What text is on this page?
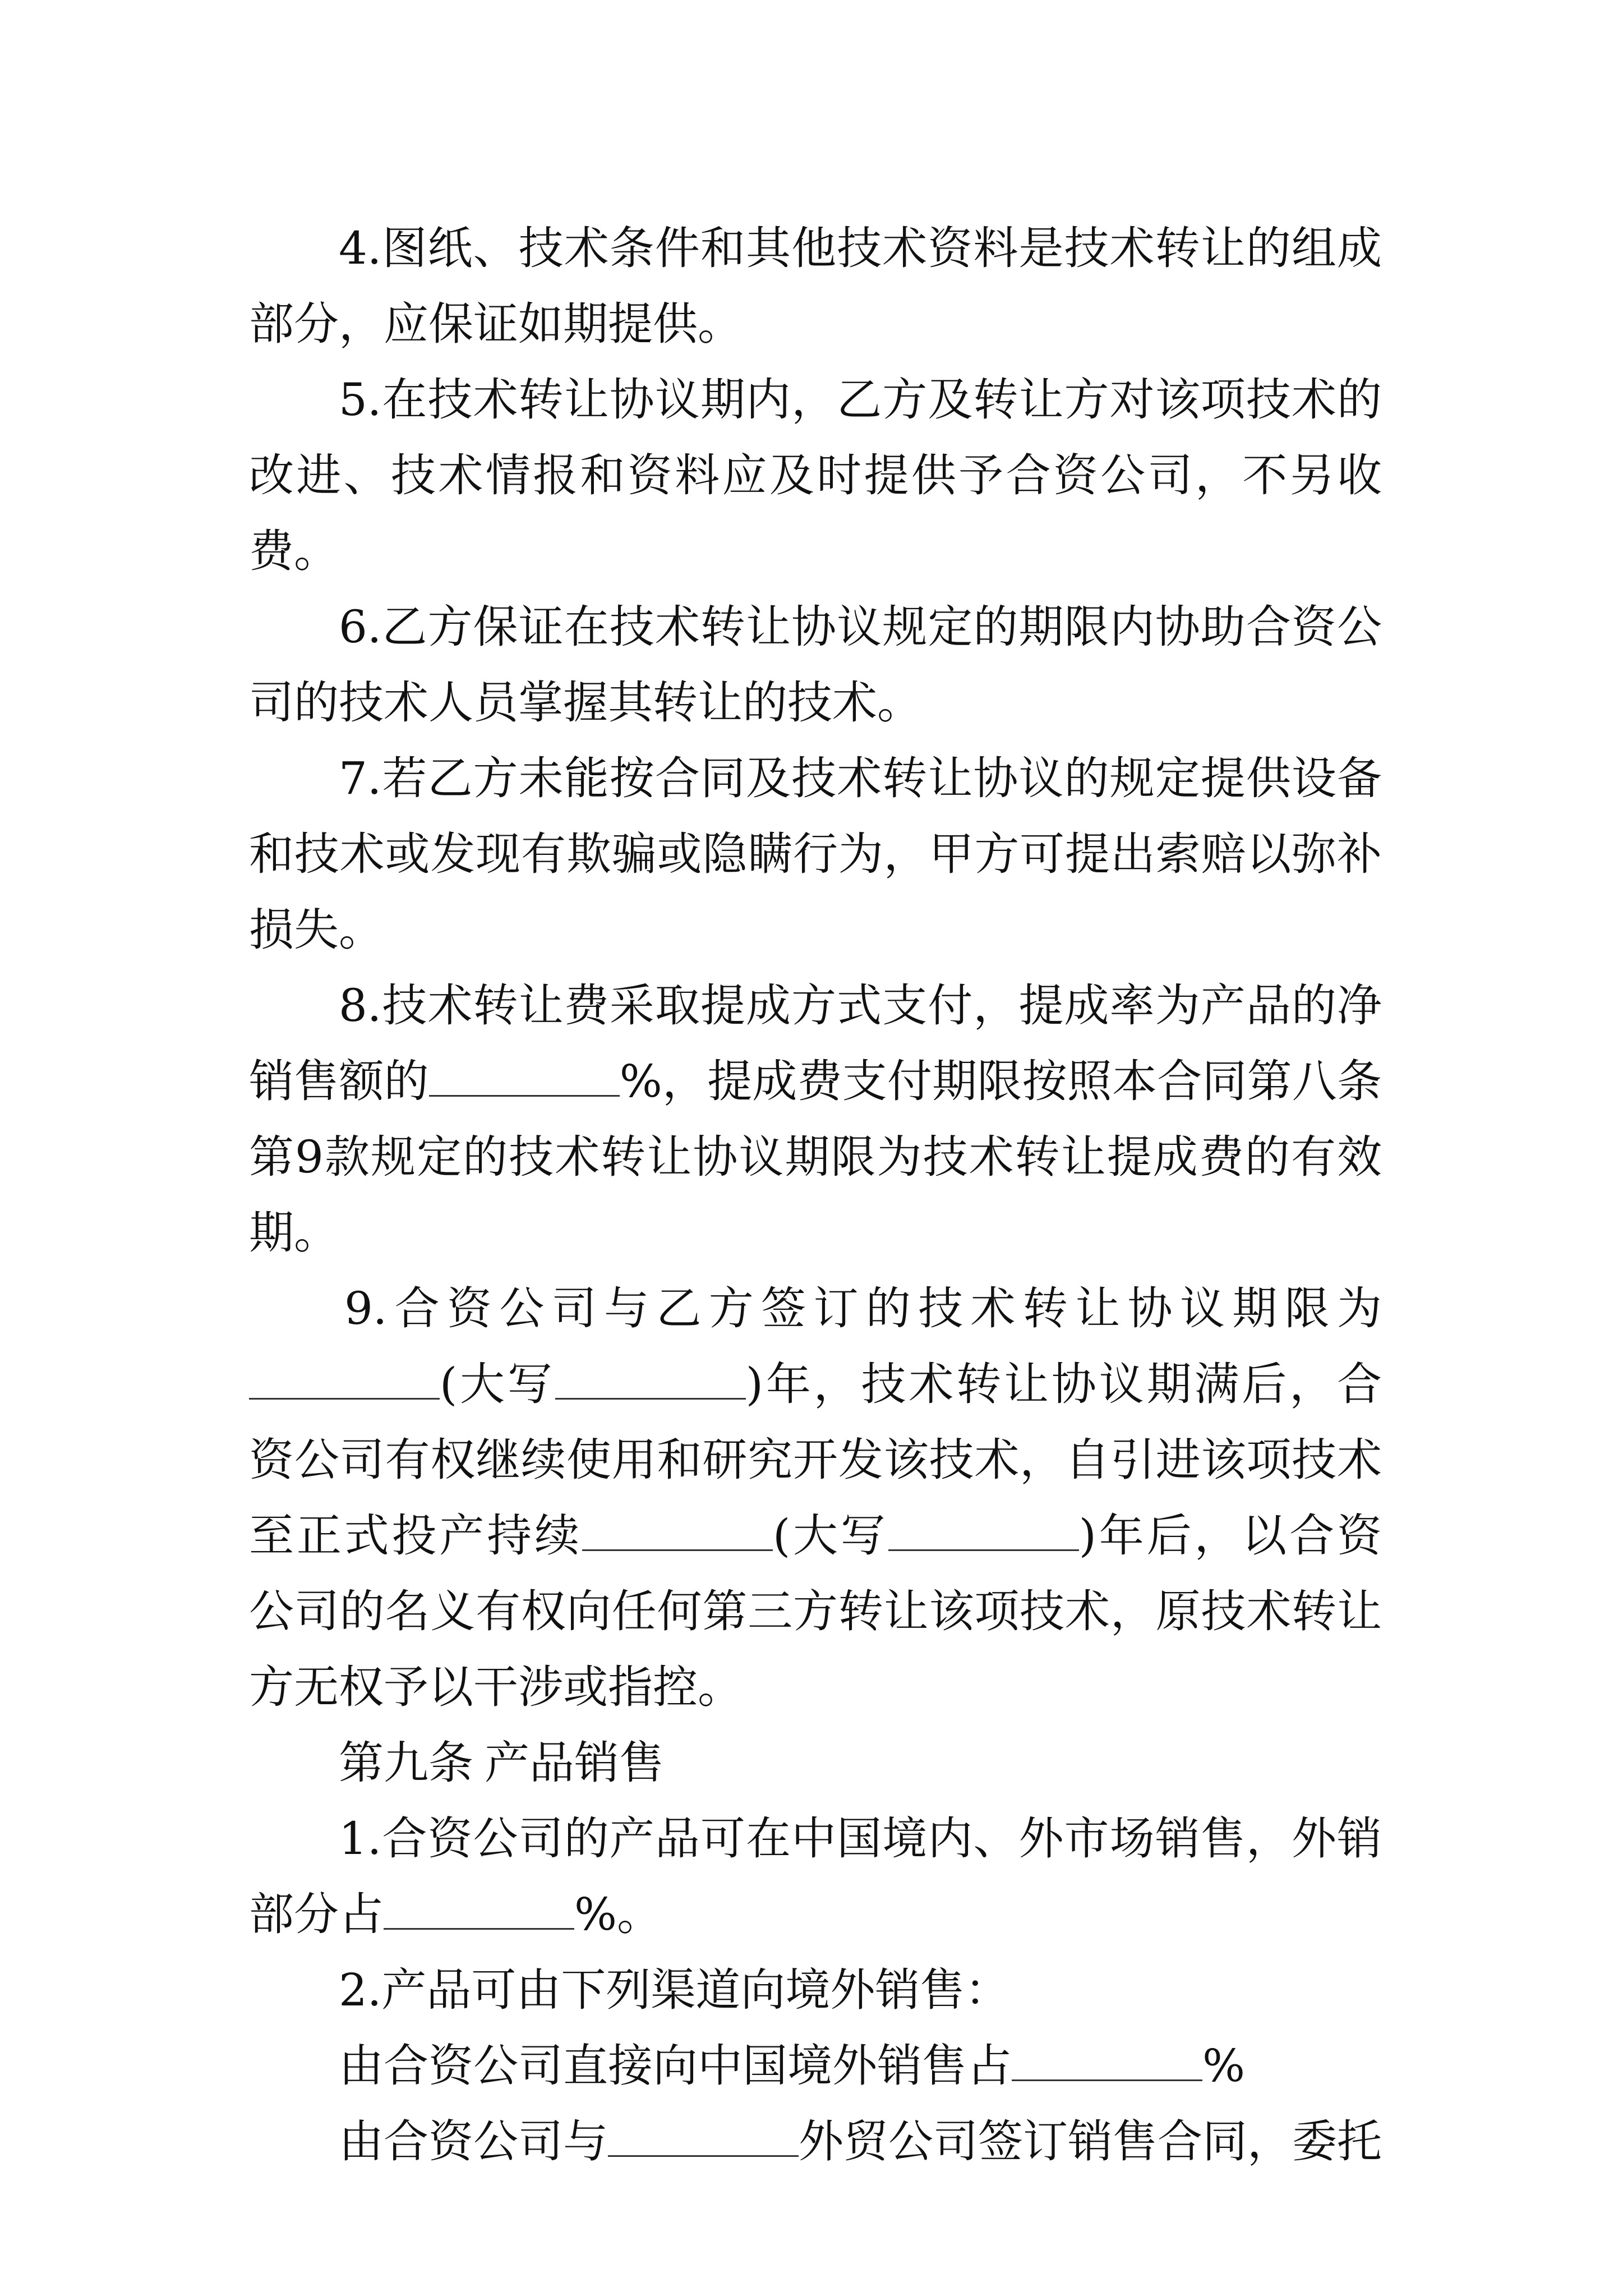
4.图纸、技术条件和其他技术资料是技术转让的组成部分，应保证如期提供。

5.在技术转让协议期内，乙方及转让方对该项技术的改进、技术情报和资料应及时提供予合资公司，不另收费。

6.乙方保证在技术转让协议规定的期限内协助合资公司的技术人员掌握其转让的技术。

7.若乙方未能按合同及技术转让协议的规定提供设备和技术或发现有欺骗或隐瞒行为，甲方可提出索赔以弥补损失。

8.技术转让费采取提成方式支付，提成率为产品的净销售额的	%，提成费支付期限按照本合同第八条第9款规定的技术转让协议期限为技术转让提成费的有效期。

9.合资公司与乙方签订的技术转让协议期限为(大写	)年，技术转让协议期满后，合资公司有权继续使用和研究开发该技术，自引进该项技术至正式投产持续	(大写	)年后，以合资公司的名义有权向任何第三方转让该项技术，原技术转让方无权予以干涉或指控。

第九条 产品销售

1.合资公司的产品可在中国境内、外市场销售，外销部分占	%。

2.产品可由下列渠道向境外销售：

由合资公司直接向中国境外销售占	%

由合资公司与	外贸公司签订销售合同，委托
